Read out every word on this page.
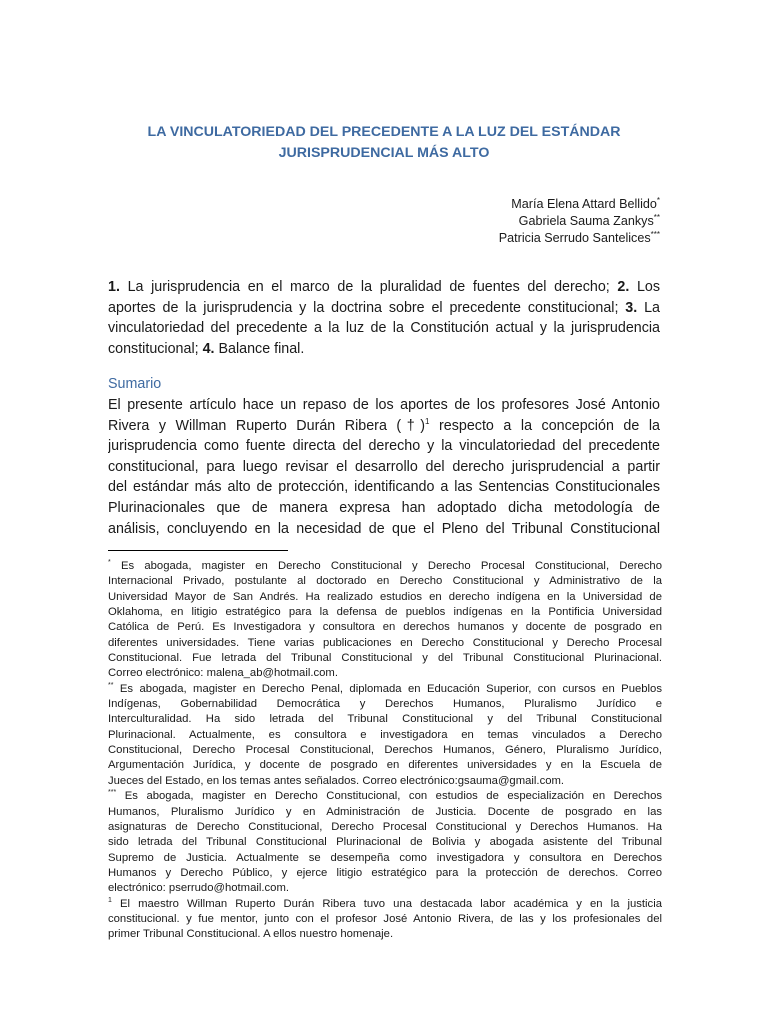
LA VINCULATORIEDAD DEL PRECEDENTE A LA LUZ DEL ESTÁNDAR
JURISPRUDENCIAL MÁS ALTO
María Elena Attard Bellido*
Gabriela Sauma Zankys**
Patricia Serrudo Santelices***
1. La jurisprudencia en el marco de la pluralidad de fuentes del derecho; 2. Los
aportes de la jurisprudencia y la doctrina sobre el precedente constitucional; 3. La
vinculatoriedad del precedente a la luz de la Constitución actual y la jurisprudencia
constitucional; 4. Balance final.
Sumario
El presente artículo hace un repaso de los aportes de los profesores José Antonio
Rivera y Willman Ruperto Durán Ribera (†)$^1$ respecto a la concepción de la
jurisprudencia como fuente directa del derecho y la vinculatoriedad del precedente
constitucional, para luego revisar el desarrollo del derecho jurisprudencial a partir
del estándar más alto de protección, identificando a las Sentencias Constitucionales
Plurinacionales que de manera expresa han adoptado dicha metodología de
análisis, concluyendo en la necesidad de que el Pleno del Tribunal Constitucional
* Es abogada, magister en Derecho Constitucional y Derecho Procesal Constitucional, Derecho
Internacional Privado, postulante al doctorado en Derecho Constitucional y Administrativo de la
Universidad Mayor de San Andrés. Ha realizado estudios en derecho indígena en la Universidad de
Oklahoma, en litigio estratégico para la defensa de pueblos indígenas en la Pontificia Universidad
Católica de Perú. Es Investigadora y consultora en derechos humanos y docente de posgrado en
diferentes universidades. Tiene varias publicaciones en Derecho Constitucional y Derecho Procesal
Constitucional. Fue letrada del Tribunal Constitucional y del Tribunal Constitucional Plurinacional.
Correo electrónico: malena_ab@hotmail.com.
** Es abogada, magister en Derecho Penal, diplomada en Educación Superior, con cursos en Pueblos
Indígenas, Gobernabilidad Democrática y Derechos Humanos, Pluralismo Jurídico e
Interculturalidad. Ha sido letrada del Tribunal Constitucional y del Tribunal Constitucional
Plurinacional. Actualmente, es consultora e investigadora en temas vinculados a Derecho
Constitucional, Derecho Procesal Constitucional, Derechos Humanos, Género, Pluralismo Jurídico,
Argumentación Jurídica, y docente de posgrado en diferentes universidades y en la Escuela de
Jueces del Estado, en los temas antes señalados. Correo electrónico:gsauma@gmail.com.
*** Es abogada, magister en Derecho Constitucional, con estudios de especialización en Derechos
Humanos, Pluralismo Jurídico y en Administración de Justicia. Docente de posgrado en las
asignaturas de Derecho Constitucional, Derecho Procesal Constitucional y Derechos Humanos. Ha
sido letrada del Tribunal Constitucional Plurinacional de Bolivia y abogada asistente del Tribunal
Supremo de Justicia. Actualmente se desempeña como investigadora y consultora en Derechos
Humanos y Derecho Público, y ejerce litigio estratégico para la protección de derechos. Correo
electrónico: pserrudo@hotmail.com.
$^1$ El maestro Willman Ruperto Durán Ribera tuvo una destacada labor académica y en la justicia
constitucional. y fue mentor, junto con el profesor José Antonio Rivera, de las y los profesionales del
primer Tribunal Constitucional. A ellos nuestro homenaje.
